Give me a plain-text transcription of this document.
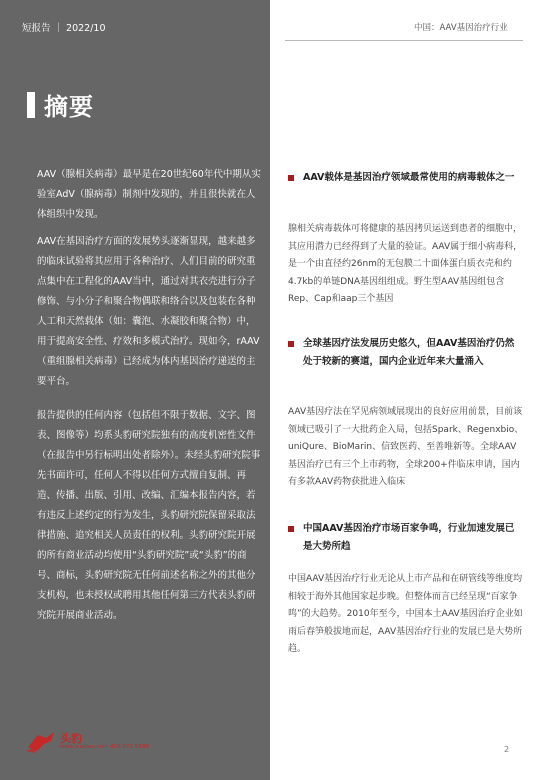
短报告 ｜ 2022/10	中国：AAV基因治疗行业
摘要

AAV（腺相关病毒）最早是在20世纪60年代中期从实验室AdV（腺病毒）制剂中发现的，并且很快就在人体组织中发现。

AAV在基因治疗方面的发展势头逐渐显现，越来越多的临床试验将其应用于各种治疗、人们目前的研究重点集中在工程化的AAV当中，通过对其衣壳进行分子修饰、与小分子和聚合物偶联和络合以及包装在各种人工和天然载体（如：囊泡、水凝胶和聚合物）中，用于提高安全性、疗效和多模式治疗。现如今，rAAV（重组腺相关病毒）已经成为体内基因治疗递送的主要平台。

报告提供的任何内容（包括但不限于数据、文字、图表、图像等）均系头豹研究院独有的高度机密性文件（在报告中另行标明出处者除外）。未经头豹研究院事先书面许可，任何人不得以任何方式擅自复制、再造、传播、出版、引用、改编、汇编本报告内容，若有违反上述约定的行为发生，头豹研究院保留采取法律措施、追究相关人员责任的权利。头豹研究院开展的所有商业活动均使用“头豹研究院”或“头豹”的商号、商标，头豹研究院无任何前述名称之外的其他分支机构，也未授权或聘用其他任何第三方代表头豹研究院开展商业活动。

AAV载体是基因治疗领域最常使用的病毒载体之一

腺相关病毒载体可将健康的基因拷贝运送到患者的细胞中，其应用潜力已经得到了大量的验证。AAV属于细小病毒科，是一个由直径约26nm的无包膜二十面体蛋白质衣壳和约4.7kb的单链DNA基因组组成。野生型AAV基因组包含Rep、Cap和aap三个基因

全球基因疗法发展历史悠久，但AAV基因治疗仍然处于较新的赛道，国内企业近年来大量涌入

AAV基因疗法在罕见病领域展现出的良好应用前景，目前该领域已吸引了一大批药企入局，包括Spark、Regenxbio、uniQure、BioMarin、信致医药、至善唯新等。全球AAV基因治疗已有三个上市药物，全球200+件临床申请，国内有多款AAV药物获批进入临床

中国AAV基因治疗市场百家争鸣，行业加速发展已是大势所趋

中国AAV基因治疗行业无论从上市产品和在研管线等维度均相较于海外其他国家起步晚。但整体而言已经呈现“百家争鸣”的大趋势。2010年至今，中国本土AAV基因治疗企业如雨后春笋般拔地而起，AAV基因治疗行业的发展已是大势所趋。

头豹
www.leadleo.com 400-072-5588	2
